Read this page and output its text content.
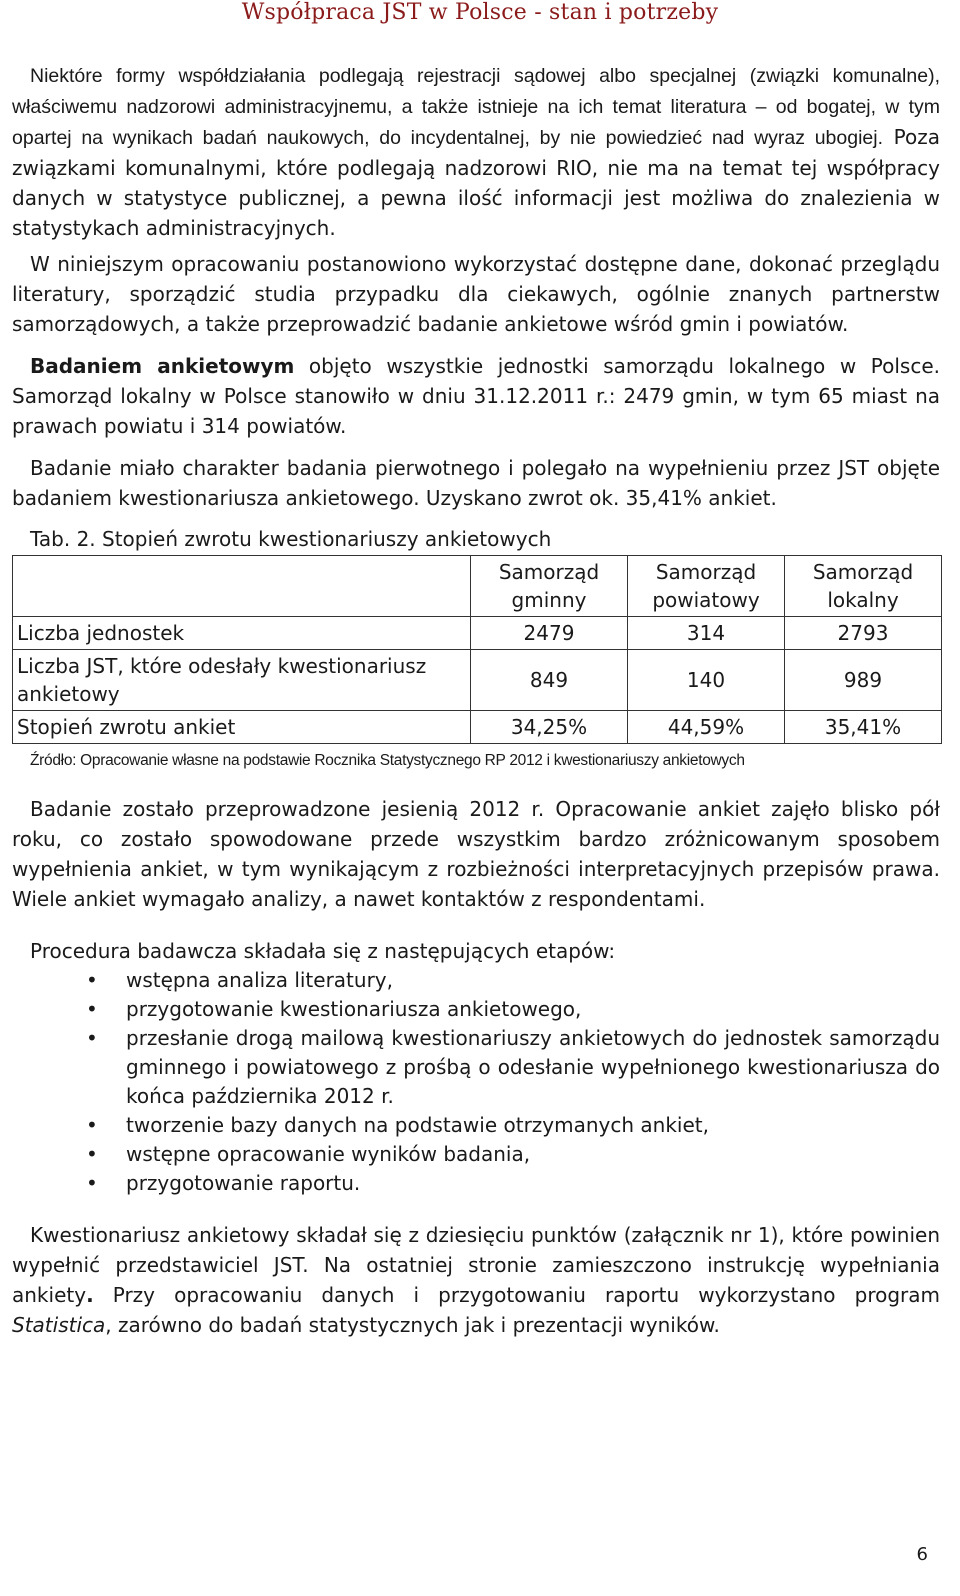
Współpraca JST w Polsce - stan i potrzeby

Niektóre formy współdziałania podlegają rejestracji sądowej albo specjalnej (związki komunalne), właściwemu nadzorowi administracyjnemu, a także istnieje na ich temat literatura – od bogatej, w tym opartej na wynikach badań naukowych, do incydentalnej, by nie powiedzieć nad wyraz ubogiej. Poza związkami komunalnymi, które podlegają nadzorowi RIO, nie ma na temat tej współpracy danych w statystyce publicznej, a pewna ilość informacji jest możliwa do znalezienia w statystykach administracyjnych.

W niniejszym opracowaniu postanowiono wykorzystać dostępne dane, dokonać przeglądu literatury, sporządzić studia przypadku dla ciekawych, ogólnie znanych partnerstw samorządowych, a także przeprowadzić badanie ankietowe wśród gmin i powiatów.

Badaniem ankietowym objęto wszystkie jednostki samorządu lokalnego w Polsce. Samorząd lokalny w Polsce stanowiło w dniu 31.12.2011 r.: 2479 gmin, w tym 65 miast na prawach powiatu i 314 powiatów.

Badanie miało charakter badania pierwotnego i polegało na wypełnieniu przez JST objęte badaniem kwestionariusza ankietowego. Uzyskano zwrot ok. 35,41% ankiet.

Tab. 2. Stopień zwrotu kwestionariuszy ankietowych
	Samorząd gminny	Samorząd powiatowy	Samorząd lokalny
Liczba jednostek	2479	314	2793
Liczba JST, które odesłały kwestionariusz ankietowy	849	140	989
Stopień zwrotu ankiet	34,25%	44,59%	35,41%
Źródło: Opracowanie własne na podstawie Rocznika Statystycznego RP 2012 i kwestionariuszy ankietowych

Badanie zostało przeprowadzone jesienią 2012 r. Opracowanie ankiet zajęło blisko pół roku, co zostało spowodowane przede wszystkim bardzo zróżnicowanym sposobem wypełnienia ankiet, w tym wynikającym z rozbieżności interpretacyjnych przepisów prawa. Wiele ankiet wymagało analizy, a nawet kontaktów z respondentami.

Procedura badawcza składała się z następujących etapów:

• wstępna analiza literatury,
• przygotowanie kwestionariusza ankietowego,
• przesłanie drogą mailową kwestionariuszy ankietowych do jednostek samorządu gminnego i powiatowego z prośbą o odesłanie wypełnionego kwestionariusza do końca października 2012 r.
• tworzenie bazy danych na podstawie otrzymanych ankiet,
• wstępne opracowanie wyników badania,
• przygotowanie raportu.

Kwestionariusz ankietowy składał się z dziesięciu punktów (załącznik nr 1), które powinien wypełnić przedstawiciel JST. Na ostatniej stronie zamieszczono instrukcję wypełniania ankiety. Przy opracowaniu danych i przygotowaniu raportu wykorzystano program Statistica, zarówno do badań statystycznych jak i prezentacji wyników.

6
